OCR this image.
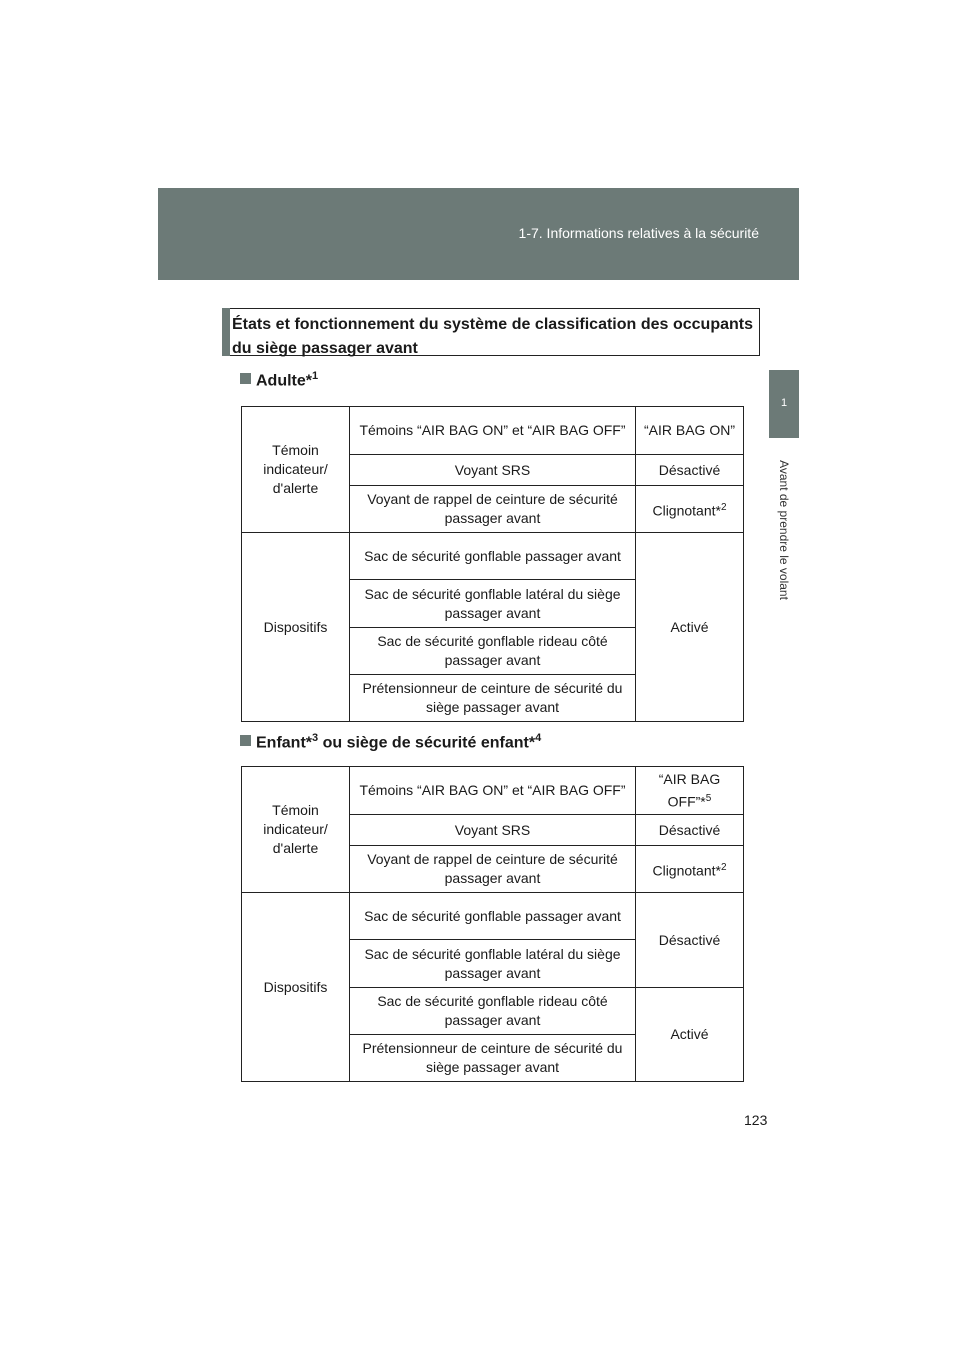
1-7. Informations relatives à la sécurité
1
Avant de prendre le volant
États et fonctionnement du système de classification des occupants du siège passager avant
Adulte*$^1$
Témoin indicateur/ d'alerte	Témoins “AIR BAG ON” et “AIR BAG OFF”	“AIR BAG ON”
	Voyant SRS	Désactivé
	Voyant de rappel de ceinture de sécurité passager avant	Clignotant*$^2$
Dispositifs	Sac de sécurité gonflable passager avant	Activé
	Sac de sécurité gonflable latéral du siège passager avant	
	Sac de sécurité gonflable rideau côté passager avant	
	Prétensionneur de ceinture de sécurité du siège passager avant	
Enfant*$^3$ ou siège de sécurité enfant*$^4$
Témoin indicateur/ d'alerte	Témoins “AIR BAG ON” et “AIR BAG OFF”	“AIR BAG OFF”*$^5$
	Voyant SRS	Désactivé
	Voyant de rappel de ceinture de sécurité passager avant	Clignotant*$^2$
Dispositifs	Sac de sécurité gonflable passager avant	Désactivé
	Sac de sécurité gonflable latéral du siège passager avant	
	Sac de sécurité gonflable rideau côté passager avant	Activé
	Prétensionneur de ceinture de sécurité du siège passager avant	
123
